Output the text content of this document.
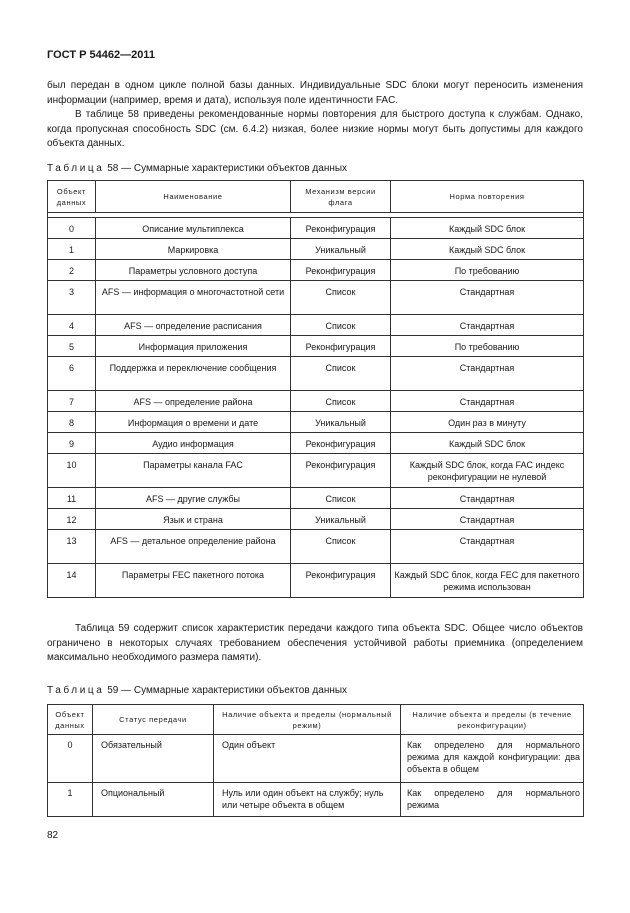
ГОСТ Р 54462—2011

был передан в одном цикле полной базы данных. Индивидуальные SDC блоки могут переносить изменения информации (например, время и дата), используя поле идентичности FAC.

В таблице 58 приведены рекомендованные нормы повторения для быстрого доступа к службам. Однако, когда пропускная способность SDC (см. 6.4.2) низкая, более низкие нормы могут быть допустимы для каждого объекта данных.

Таблица 58 — Суммарные характеристики объектов данных
Объект данных	Наименование	Механизм версии флага	Норма повторения

0	Описание мультиплекса	Реконфигурация	Каждый SDC блок
1	Маркировка	Уникальный	Каждый SDC блок
2	Параметры условного доступа	Реконфигурация	По требованию
3	AFS — информация о многочастотной сети	Список	Стандартная
4	AFS — определение расписания	Список	Стандартная
5	Информация приложения	Реконфигурация	По требованию
6	Поддержка и переключение сообщения	Список	Стандартная
7	AFS — определение района	Список	Стандартная
8	Информация о времени и дате	Уникальный	Один раз в минуту
9	Аудио информация	Реконфигурация	Каждый SDC блок
10	Параметры канала FAC	Реконфигурация	Каждый SDC блок, когда FAC индекс реконфигурации не нулевой
11	AFS — другие службы	Список	Стандартная
12	Язык и страна	Уникальный	Стандартная
13	AFS — детальное определение района	Список	Стандартная
14	Параметры FEC пакетного потока	Реконфигурация	Каждый SDC блок, когда FEC для пакетного режима использован

Таблица 59 содержит список характеристик передачи каждого типа объекта SDC. Общее число объектов ограничено в некоторых случаях требованием обеспечения устойчивой работы приемника (определением максимально необходимого размера памяти).

Таблица 59 — Суммарные характеристики объектов данных
Объект данных	Статус передачи	Наличие объекта и пределы (нормальный режим)	Наличие объекта и пределы (в течение реконфигурации)
0	Обязательный	Один объект	Как определено для нормального режима для каждой конфигурации: два объекта в общем
1	Опциональный	Нуль или один объект на службу; нуль или четыре объекта в общем	Как определено для нормального режима
82
